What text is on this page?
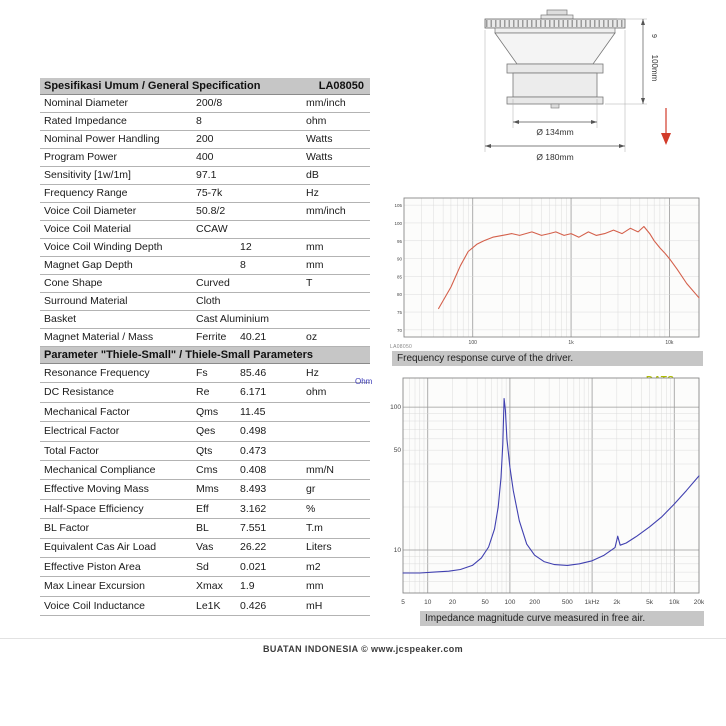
Spesifikasi Umum / General Specification	LA08050
Nominal Diameter	200/8	mm/inch
Rated Impedance	8	ohm
Nominal Power Handling	200	Watts
Program Power	400	Watts
Sensitivity [1w/1m]	97.1	dB
Frequency Range	75-7k	Hz
Voice Coil Diameter	50.8/2	mm/inch
Voice Coil Material	CCAW
Voice Coil Winding Depth	12	mm
Magnet Gap Depth	8	mm
Cone Shape	Curved	T
Surround Material	Cloth
Basket	Cast Aluminium
Magnet Material / Mass	Ferrite	40.21	oz
Parameter "Thiele-Small" / Thiele-Small Parameters
Resonance Frequency	Fs	85.46	Hz
DC Resistance	Re	6.171	ohm
Mechanical Factor	Qms	11.45
Electrical Factor	Qes	0.498
Total Factor	Qts	0.473
Mechanical Compliance	Cms	0.408	mm/N
Effective Moving Mass	Mms	8.493	gr
Half-Space Efficiency	Eff	3.162	%
BL Factor	BL	7.551	T.m
Equivalent Cas Air Load	Vas	26.22	Liters
Effective Piston Area	Sd	0.021	m2
Max Linear Excursion	Xmax	1.9	mm
Voice Coil Inductance	Le1K	0.426	mH
Ø 134mm
Ø 180mm
9
100mm
100	1k	10k
105
100
95
90
85
80
75
70
LA08050
Frequency response curve of the driver.
Ohm
5	10	20	50 100 200	500 1kHz 2k	5k 10k 20k
100
50
10
Impedance magnitude curve measured in free air.
BUATAN INDONESIA © www.jcspeaker.com
